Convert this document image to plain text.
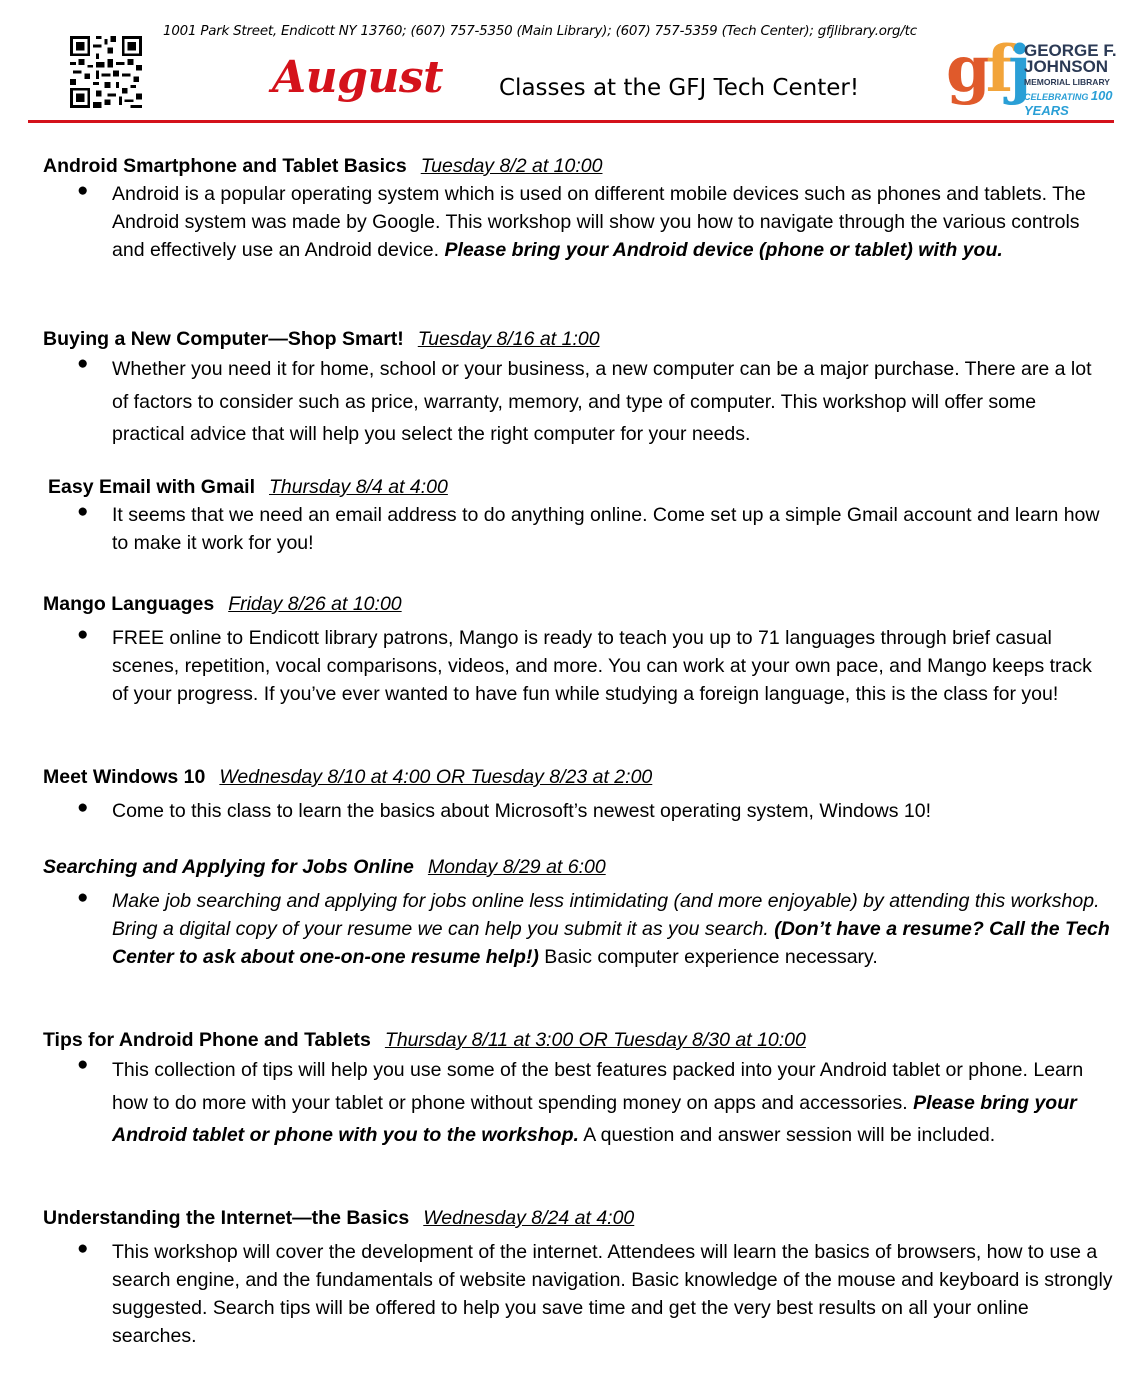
1001 Park Street, Endicott NY 13760; (607) 757-5350 (Main Library); (607) 757-5359 (Tech Center); gfjlibrary.org/tc
August Classes at the GFJ Tech Center! gfj
GEORGE F.
JOHNSON
MEMORIAL LIBRARY
CELEBRATING 100 YEARS
Android Smartphone and Tablet Basics Tuesday 8/2 at 10:00
● Android is a popular operating system which is used on different mobile devices such as phones and tablets. The Android system was made by Google. This workshop will show you how to navigate through the various controls and effectively use an Android device. Please bring your Android device (phone or tablet) with you.
Buying a New Computer—Shop Smart! Tuesday 8/16 at 1:00
● Whether you need it for home, school or your business, a new computer can be a major purchase. There are a lot of factors to consider such as price, warranty, memory, and type of computer. This workshop will offer some practical advice that will help you select the right computer for your needs.
Easy Email with Gmail Thursday 8/4 at 4:00
● It seems that we need an email address to do anything online. Come set up a simple Gmail account and learn how to make it work for you!
Mango Languages Friday 8/26 at 10:00
● FREE online to Endicott library patrons, Mango is ready to teach you up to 71 languages through brief casual scenes, repetition, vocal comparisons, videos, and more. You can work at your own pace, and Mango keeps track of your progress. If you’ve ever wanted to have fun while studying a foreign language, this is the class for you!
Meet Windows 10 Wednesday 8/10 at 4:00 OR Tuesday 8/23 at 2:00
● Come to this class to learn the basics about Microsoft’s newest operating system, Windows 10!
Searching and Applying for Jobs Online Monday 8/29 at 6:00
● Make job searching and applying for jobs online less intimidating (and more enjoyable) by attending this workshop. Bring a digital copy of your resume we can help you submit it as you search. (Don’t have a resume? Call the Tech Center to ask about one-on-one resume help!) Basic computer experience necessary.
Tips for Android Phone and Tablets Thursday 8/11 at 3:00 OR Tuesday 8/30 at 10:00
● This collection of tips will help you use some of the best features packed into your Android tablet or phone. Learn how to do more with your tablet or phone without spending money on apps and accessories. Please bring your Android tablet or phone with you to the workshop. A question and answer session will be included.
Understanding the Internet—the Basics Wednesday 8/24 at 4:00
● This workshop will cover the development of the internet. Attendees will learn the basics of browsers, how to use a search engine, and the fundamentals of website navigation. Basic knowledge of the mouse and keyboard is strongly suggested. Search tips will be offered to help you save time and get the very best results on all your online searches.
